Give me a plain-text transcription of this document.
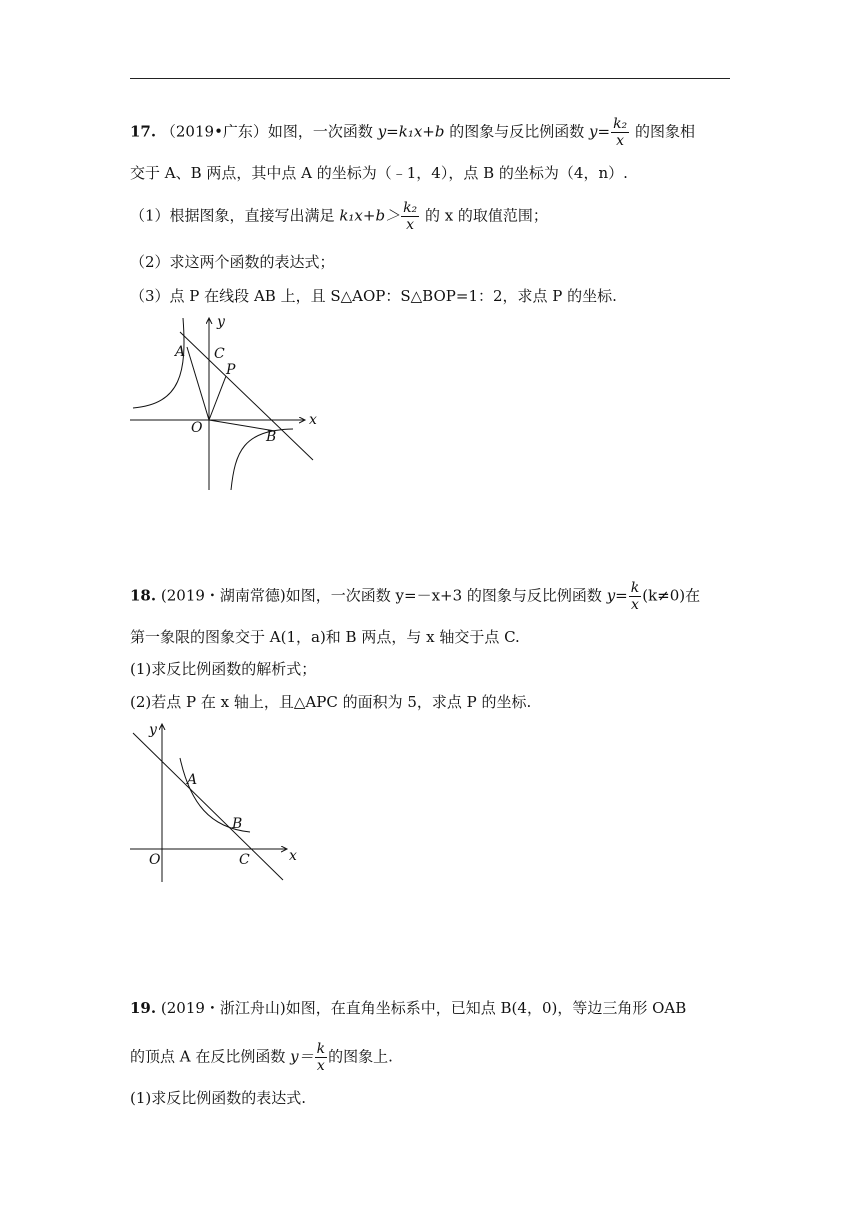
17. （2019•广东）如图，一次函数 y=k₁x+b 的图象与反比例函数 $y= \frac{\text{k₂}}{x}$ 的图象相
交于 A、B 两点，其中点 A 的坐标为（﹣1，4），点 B 的坐标为（4，n）.
（1）根据图象，直接写出满足 $k_1x+b> \frac{\text{k₂}}{x}$ 的 x 的取值范围；
（2）求这两个函数的表达式；
（3）点 P 在线段 AB 上，且 S△AOP：S△BOP=1：2，求点 P 的坐标.
y
x
A C
P
O
B
18. (2019・湖南常德)如图，一次函数 y=－x+3 的图象与反比例函数 $y= \frac{k}{x} (k\ne 0)$在
第一象限的图象交于 A(1，a)和 B 两点，与 x 轴交于点 C.
(1)求反比例函数的解析式；
(2)若点 P 在 x 轴上，且△APC 的面积为 5，求点 P 的坐标.
y
x
A
B
O	C
19. (2019・浙江舟山)如图，在直角坐标系中，已知点 B(4，0)，等边三角形 OAB
的顶点 A 在反比例函数 $y= \frac{k}{x}$ 的图象上.
(1)求反比例函数的表达式.
